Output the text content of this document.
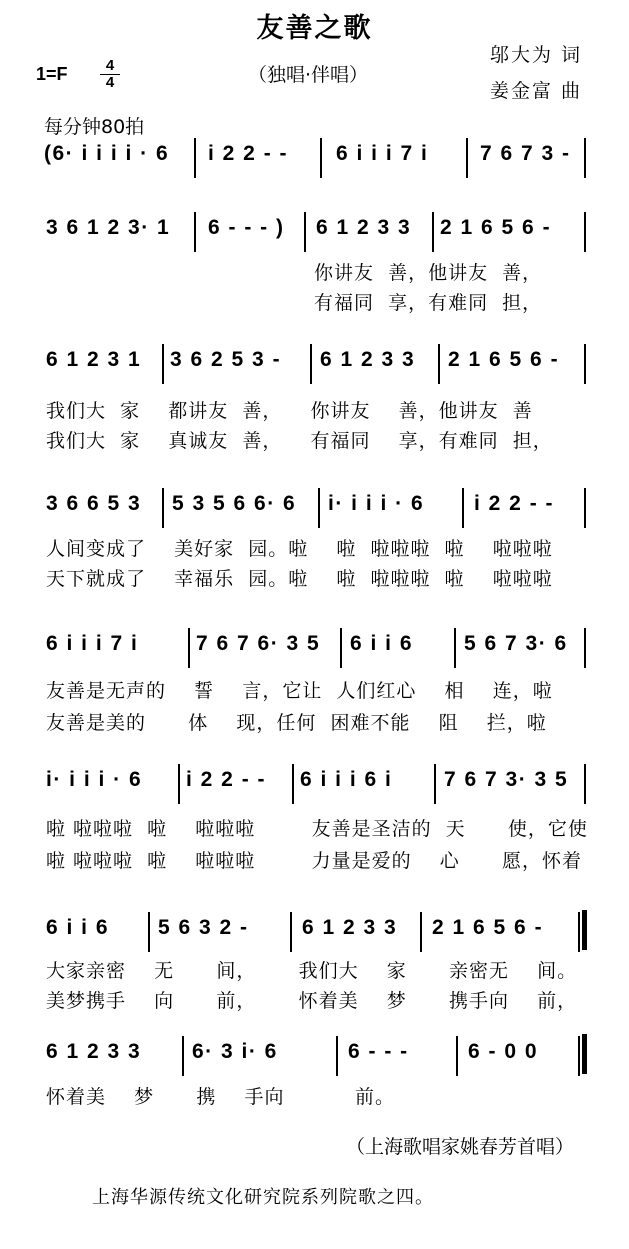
友善之歌
$1=F \frac{4}{4}$	（独唱·伴唱）
邬大为 词
姜金富 曲
每分钟80拍
(6· i i i i · 6 i 2 2 - - 6 i i i 7 i 7 6 7 3 -
3 6 1 2 3· 1 6 - - - ) 6 1 2 3 3 2 1 6 5 6 -
你讲友  善，他讲友  善，
有福同  享，有难同  担，
6 1 2 3 1 3 6 2 5 3 - 6 1 2 3 3 2 1 6 5 6 -
我们大  家    都讲友  善，    你讲友    善，他讲友  善
我们大  家    真诚友  善，    有福同    享，有难同  担，
3 6 6 5 3 5 3 5 6 6· 6 i· i i i · 6 i 2 2 - -
人间变成了    美好家  园。啦    啦  啦啦啦  啦    啦啦啦
天下就成了    幸福乐  园。啦    啦  啦啦啦  啦    啦啦啦
6 i i i 7 i	7 6 7 6· 3 5 6 i i 6 5 6 7 3· 6
友善是无声的    誓    言，它让  人们红心    相    连，啦
友善是美的      体    现，任何  困难不能    阻    拦，啦
i· i i i · 6 i 2 2 - - 6 i i i 6 i 7 6 7 3· 3 5
啦 啦啦啦  啦    啦啦啦        友善是圣洁的  天      使，它使
啦 啦啦啦  啦    啦啦啦        力量是爱的    心      愿，怀着
6 i i 6 5 6 3 2 -	6 1 2 3 3 2 1 6 5 6 -
大家亲密    无      间，      我们大    家      亲密无    间。
美梦携手    向      前，      怀着美    梦      携手向    前，
6 1 2 3 3 6· 3 i· 6	6 - - -	6 - 0 0
怀着美    梦      携    手向          前。
（上海歌唱家姚春芳首唱）
上海华源传统文化研究院系列院歌之四。
